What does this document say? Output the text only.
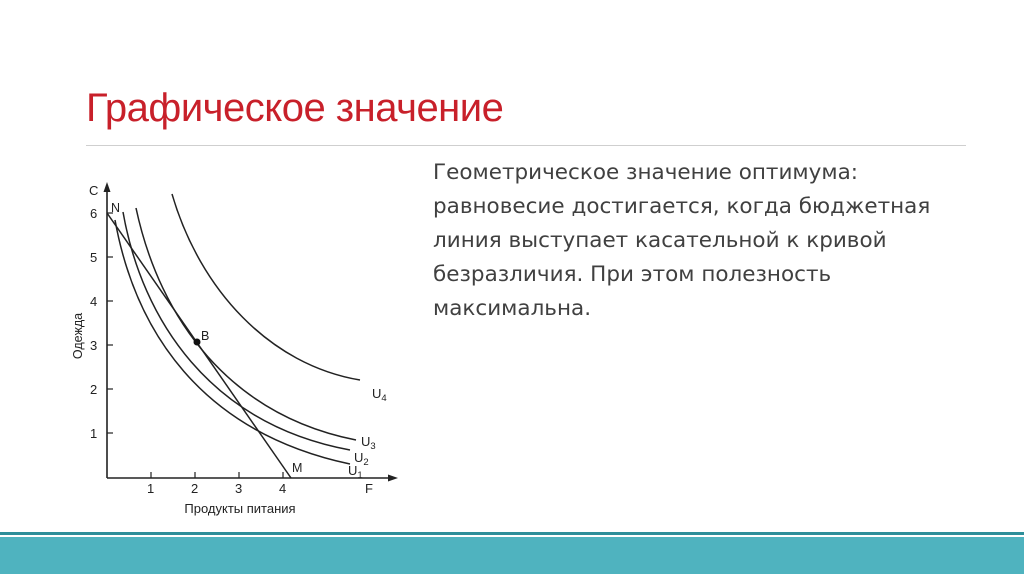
Графическое значение
Геометрическое значение оптимума: равновесие достигается, когда бюджетная линия выступает касательной к кривой безразличия. При этом полезность максимальна.
1
2
3
4
5
6
1	2	3	4
C
F
Одежда
Продукты питания
N
B
M	$U_1$
$U_2$
$U_3$
$U_4$
